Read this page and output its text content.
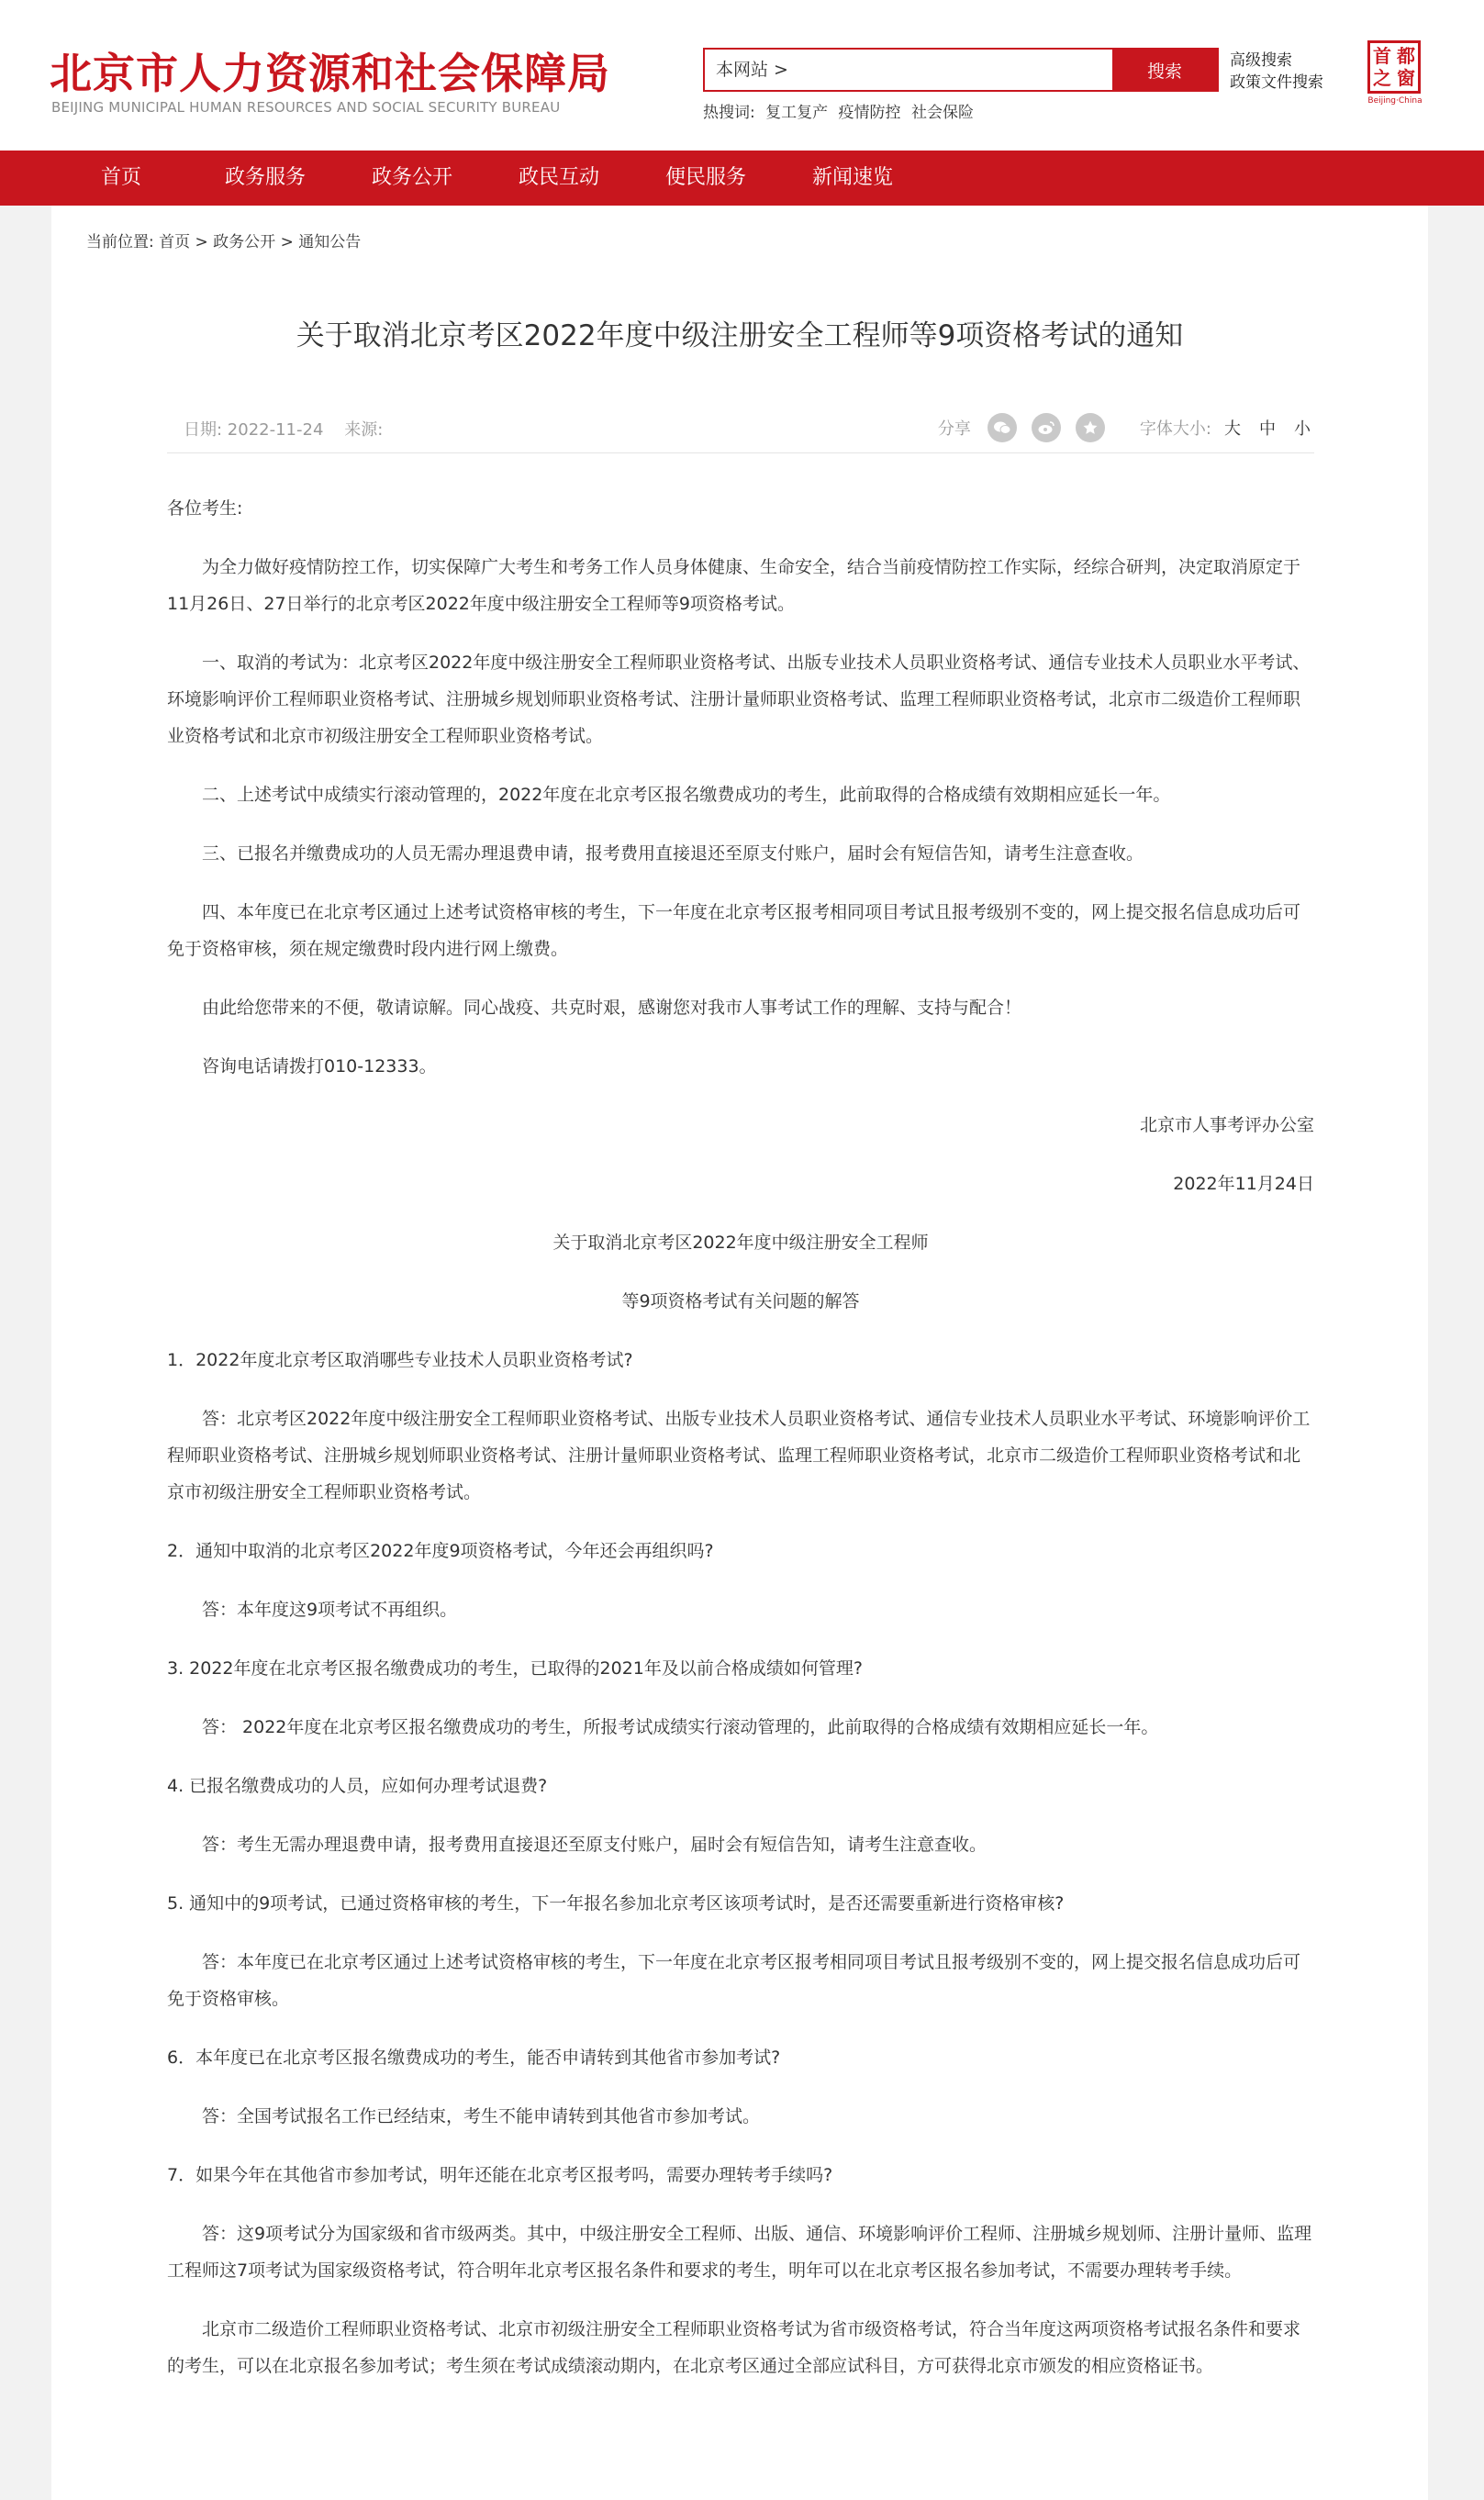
北京市人力资源和社会保障局
BEIJING MUNICIPAL HUMAN RESOURCES AND SOCIAL SECURITY BUREAU
本网站 >
搜索
热搜词: 复工复产 疫情防控 社会保险
高级搜索
政策文件搜索
首 都
之 窗
Beijing·China
首页	政务服务	政务公开	政民互动	便民服务	新闻速览
当前位置: 首页 > 政务公开 > 通知公告
关于取消北京考区2022年度中级注册安全工程师等9项资格考试的通知
日期: 2022-11-24 来源:	分享	字体大小: 大 中 小
各位考生:
为全力做好疫情防控工作，切实保障广大考生和考务工作人员身体健康、生命安全，结合当前疫情防控工作实际，经综合研判，决定取消原定于11月26日、27日举行的北京考区2022年度中级注册安全工程师等9项资格考试。
一、取消的考试为：北京考区2022年度中级注册安全工程师职业资格考试、出版专业技术人员职业资格考试、通信专业技术人员职业水平考试、环境影响评价工程师职业资格考试、注册城乡规划师职业资格考试、注册计量师职业资格考试、监理工程师职业资格考试，北京市二级造价工程师职业资格考试和北京市初级注册安全工程师职业资格考试。
二、上述考试中成绩实行滚动管理的，2022年度在北京考区报名缴费成功的考生，此前取得的合格成绩有效期相应延长一年。
三、已报名并缴费成功的人员无需办理退费申请，报考费用直接退还至原支付账户，届时会有短信告知，请考生注意查收。
四、本年度已在北京考区通过上述考试资格审核的考生，下一年度在北京考区报考相同项目考试且报考级别不变的，网上提交报名信息成功后可免于资格审核，须在规定缴费时段内进行网上缴费。
由此给您带来的不便，敬请谅解。同心战疫、共克时艰，感谢您对我市人事考试工作的理解、支持与配合！
咨询电话请拨打010-12333。
北京市人事考评办公室
2022年11月24日
关于取消北京考区2022年度中级注册安全工程师
等9项资格考试有关问题的解答
1．2022年度北京考区取消哪些专业技术人员职业资格考试?
答：北京考区2022年度中级注册安全工程师职业资格考试、出版专业技术人员职业资格考试、通信专业技术人员职业水平考试、环境影响评价工程师职业资格考试、注册城乡规划师职业资格考试、注册计量师职业资格考试、监理工程师职业资格考试，北京市二级造价工程师职业资格考试和北京市初级注册安全工程师职业资格考试。
2．通知中取消的北京考区2022年度9项资格考试，今年还会再组织吗?
答：本年度这9项考试不再组织。
3. 2022年度在北京考区报名缴费成功的考生，已取得的2021年及以前合格成绩如何管理?
答： 2022年度在北京考区报名缴费成功的考生，所报考试成绩实行滚动管理的，此前取得的合格成绩有效期相应延长一年。
4. 已报名缴费成功的人员，应如何办理考试退费?
答：考生无需办理退费申请，报考费用直接退还至原支付账户，届时会有短信告知，请考生注意查收。
5. 通知中的9项考试，已通过资格审核的考生，下一年报名参加北京考区该项考试时，是否还需要重新进行资格审核?
答：本年度已在北京考区通过上述考试资格审核的考生，下一年度在北京考区报考相同项目考试且报考级别不变的，网上提交报名信息成功后可免于资格审核。
6．本年度已在北京考区报名缴费成功的考生，能否申请转到其他省市参加考试?
答：全国考试报名工作已经结束，考生不能申请转到其他省市参加考试。
7．如果今年在其他省市参加考试，明年还能在北京考区报考吗，需要办理转考手续吗?
答：这9项考试分为国家级和省市级两类。其中，中级注册安全工程师、出版、通信、环境影响评价工程师、注册城乡规划师、注册计量师、监理工程师这7项考试为国家级资格考试，符合明年北京考区报名条件和要求的考生，明年可以在北京考区报名参加考试，不需要办理转考手续。
北京市二级造价工程师职业资格考试、北京市初级注册安全工程师职业资格考试为省市级资格考试，符合当年度这两项资格考试报名条件和要求的考生，可以在北京报名参加考试；考生须在考试成绩滚动期内，在北京考区通过全部应试科目，方可获得北京市颁发的相应资格证书。
